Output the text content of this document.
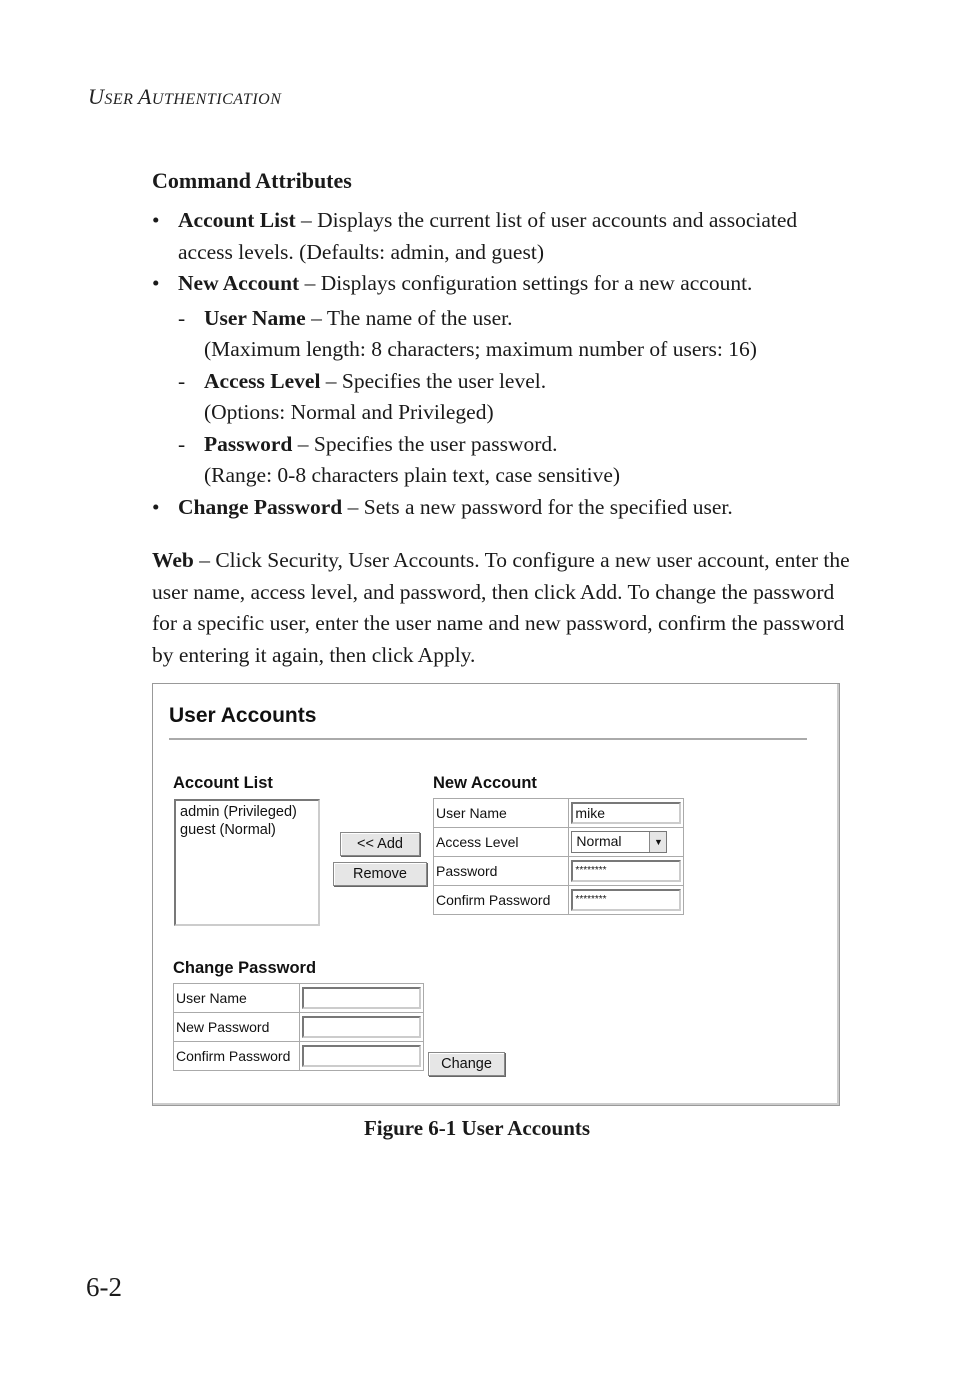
USER AUTHENTICATION
Command Attributes
• Account List – Displays the current list of user accounts and associated access levels. (Defaults: admin, and guest)
• New Account – Displays configuration settings for a new account.
- User Name – The name of the user.
(Maximum length: 8 characters; maximum number of users: 16)
- Access Level – Specifies the user level.
(Options: Normal and Privileged)
- Password – Specifies the user password.
(Range: 0-8 characters plain text, case sensitive)
• Change Password – Sets a new password for the specified user.
Web – Click Security, User Accounts. To configure a new user account, enter the user name, access level, and password, then click Add. To change the password for a specific user, enter the user name and new password, confirm the password by entering it again, then click Apply.
User Accounts
Account List
admin (Privileged)
guest (Normal)
<< Add
Remove
New Account
User Name	mike

Access Level	Normal ▼

Password	********

Confirm Password	********
Change Password
User Name	

New Password	

Confirm Password		Change
Figure 6-1 User Accounts
6-2
